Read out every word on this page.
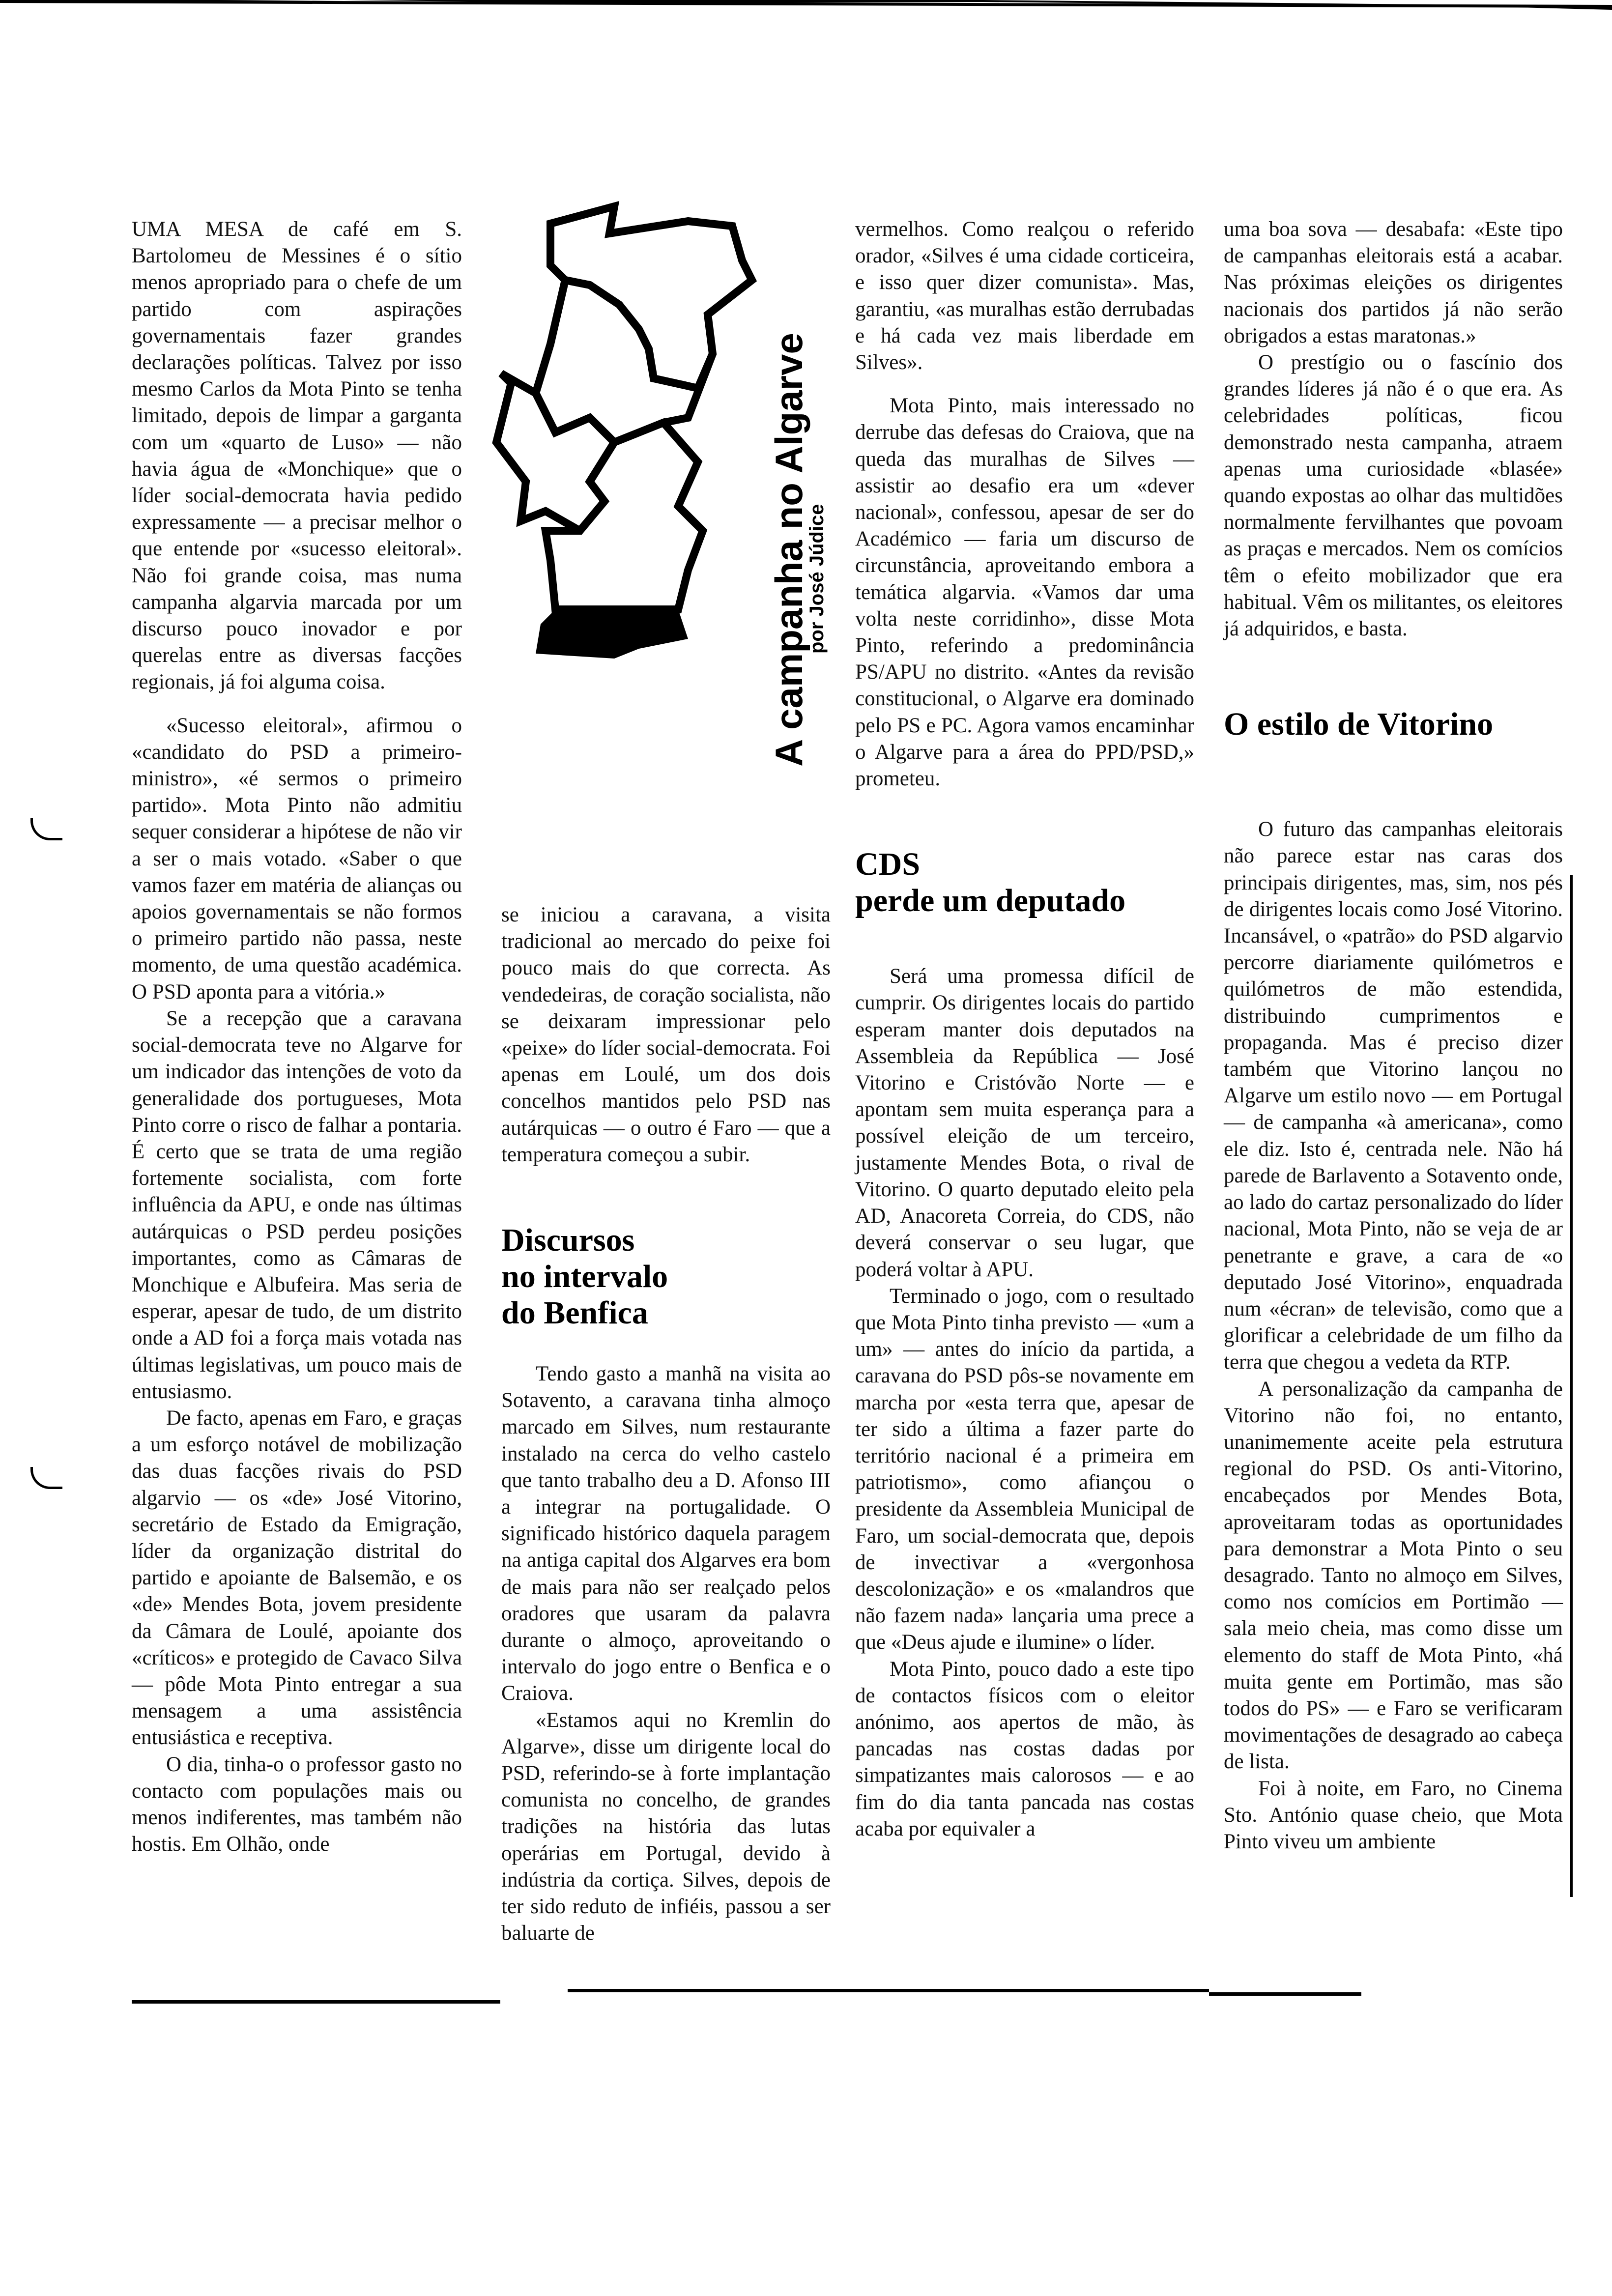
UMA MESA de café em S. Bartolomeu de Messines é o sítio menos apropriado para o chefe de um partido com aspirações governamentais fazer grandes declarações políticas. Talvez por isso mesmo Carlos da Mota Pinto se tenha limitado, depois de limpar a garganta com um «quarto de Luso» — não havia água de «Monchique» que o líder social-democrata havia pedido expressamente — a precisar melhor o que entende por «sucesso eleitoral». Não foi grande coisa, mas numa campanha algarvia marcada por um discurso pouco inovador e por querelas entre as diversas facções regionais, já foi alguma coisa.

«Sucesso eleitoral», afirmou o «candidato do PSD a primeiro-ministro», «é sermos o primeiro partido». Mota Pinto não admitiu sequer considerar a hipótese de não vir a ser o mais votado. «Saber o que vamos fazer em matéria de alianças ou apoios governamentais se não formos o primeiro partido não passa, neste momento, de uma questão académica. O PSD aponta para a vitória.»

Se a recepção que a caravana social-democrata teve no Algarve for um indicador das intenções de voto da generalidade dos portugueses, Mota Pinto corre o risco de falhar a pontaria. É certo que se trata de uma região fortemente socialista, com forte influência da APU, e onde nas últimas autárquicas o PSD perdeu posições importantes, como as Câmaras de Monchique e Albufeira. Mas seria de esperar, apesar de tudo, de um distrito onde a AD foi a força mais votada nas últimas legislativas, um pouco mais de entusiasmo.

De facto, apenas em Faro, e graças a um esforço notável de mobilização das duas facções rivais do PSD algarvio — os «de» José Vitorino, secretário de Estado da Emigração, líder da organização distrital do partido e apoiante de Balsemão, e os «de» Mendes Bota, jovem presidente da Câmara de Loulé, apoiante dos «críticos» e protegido de Cavaco Silva — pôde Mota Pinto entregar a sua mensagem a uma assistência entusiástica e receptiva.

O dia, tinha-o o professor gasto no contacto com populações mais ou menos indiferentes, mas também não hostis. Em Olhão, onde

A campanha no Algarve
por José Júdice

se iniciou a caravana, a visita tradicional ao mercado do peixe foi pouco mais do que correcta. As vendedeiras, de coração socialista, não se deixaram impressionar pelo «peixe» do líder social-democrata. Foi apenas em Loulé, um dos dois concelhos mantidos pelo PSD nas autárquicas — o outro é Faro — que a temperatura começou a subir.

Discursos
no intervalo
do Benfica

Tendo gasto a manhã na visita ao Sotavento, a caravana tinha almoço marcado em Silves, num restaurante instalado na cerca do velho castelo que tanto trabalho deu a D. Afonso III a integrar na portugalidade. O significado histórico daquela paragem na antiga capital dos Algarves era bom de mais para não ser realçado pelos oradores que usaram da palavra durante o almoço, aproveitando o intervalo do jogo entre o Benfica e o Craiova.

«Estamos aqui no Kremlin do Algarve», disse um dirigente local do PSD, referindo-se à forte implantação comunista no concelho, de grandes tradições na história das lutas operárias em Portugal, devido à indústria da cortiça. Silves, depois de ter sido reduto de infiéis, passou a ser baluarte de

vermelhos. Como realçou o referido orador, «Silves é uma cidade corticeira, e isso quer dizer comunista». Mas, garantiu, «as muralhas estão derrubadas e há cada vez mais liberdade em Silves».

Mota Pinto, mais interessado no derrube das defesas do Craiova, que na queda das muralhas de Silves — assistir ao desafio era um «dever nacional», confessou, apesar de ser do Académico — faria um discurso de circunstância, aproveitando embora a temática algarvia. «Vamos dar uma volta neste corridinho», disse Mota Pinto, referindo a predominância PS/APU no distrito. «Antes da revisão constitucional, o Algarve era dominado pelo PS e PC. Agora vamos encaminhar o Algarve para a área do PPD/PSD,» prometeu.

CDS
perde um deputado

Será uma promessa difícil de cumprir. Os dirigentes locais do partido esperam manter dois deputados na Assembleia da República — José Vitorino e Cristóvão Norte — e apontam sem muita esperança para a possível eleição de um terceiro, justamente Mendes Bota, o rival de Vitorino. O quarto deputado eleito pela AD, Anacoreta Correia, do CDS, não deverá conservar o seu lugar, que poderá voltar à APU.

Terminado o jogo, com o resultado que Mota Pinto tinha previsto — «um a um» — antes do início da partida, a caravana do PSD pôs-se novamente em marcha por «esta terra que, apesar de ter sido a última a fazer parte do território nacional é a primeira em patriotismo», como afiançou o presidente da Assembleia Municipal de Faro, um social-democrata que, depois de invectivar a «vergonhosa descolonização» e os «malandros que não fazem nada» lançaria uma prece a que «Deus ajude e ilumine» o líder.

Mota Pinto, pouco dado a este tipo de contactos físicos com o eleitor anónimo, aos apertos de mão, às pancadas nas costas dadas por simpatizantes mais calorosos — e ao fim do dia tanta pancada nas costas acaba por equivaler a

uma boa sova — desabafa: «Este tipo de campanhas eleitorais está a acabar. Nas próximas eleições os dirigentes nacionais dos partidos já não serão obrigados a estas maratonas.»

O prestígio ou o fascínio dos grandes líderes já não é o que era. As celebridades políticas, ficou demonstrado nesta campanha, atraem apenas uma curiosidade «blasée» quando expostas ao olhar das multidões normalmente fervilhantes que povoam as praças e mercados. Nem os comícios têm o efeito mobilizador que era habitual. Vêm os militantes, os eleitores já adquiridos, e basta.

O estilo de Vitorino

O futuro das campanhas eleitorais não parece estar nas caras dos principais dirigentes, mas, sim, nos pés de dirigentes locais como José Vitorino. Incansável, o «patrão» do PSD algarvio percorre diariamente quilómetros e quilómetros de mão estendida, distribuindo cumprimentos e propaganda. Mas é preciso dizer também que Vitorino lançou no Algarve um estilo novo — em Portugal — de campanha «à americana», como ele diz. Isto é, centrada nele. Não há parede de Barlavento a Sotavento onde, ao lado do cartaz personalizado do líder nacional, Mota Pinto, não se veja de ar penetrante e grave, a cara de «o deputado José Vitorino», enquadrada num «écran» de televisão, como que a glorificar a celebridade de um filho da terra que chegou a vedeta da RTP.

A personalização da campanha de Vitorino não foi, no entanto, unanimemente aceite pela estrutura regional do PSD. Os anti-Vitorino, encabeçados por Mendes Bota, aproveitaram todas as oportunidades para demonstrar a Mota Pinto o seu desagrado. Tanto no almoço em Silves, como nos comícios em Portimão — sala meio cheia, mas como disse um elemento do staff de Mota Pinto, «há muita gente em Portimão, mas são todos do PS» — e Faro se verificaram movimentações de desagrado ao cabeça de lista.

Foi à noite, em Faro, no Cinema Sto. António quase cheio, que Mota Pinto viveu um ambiente
